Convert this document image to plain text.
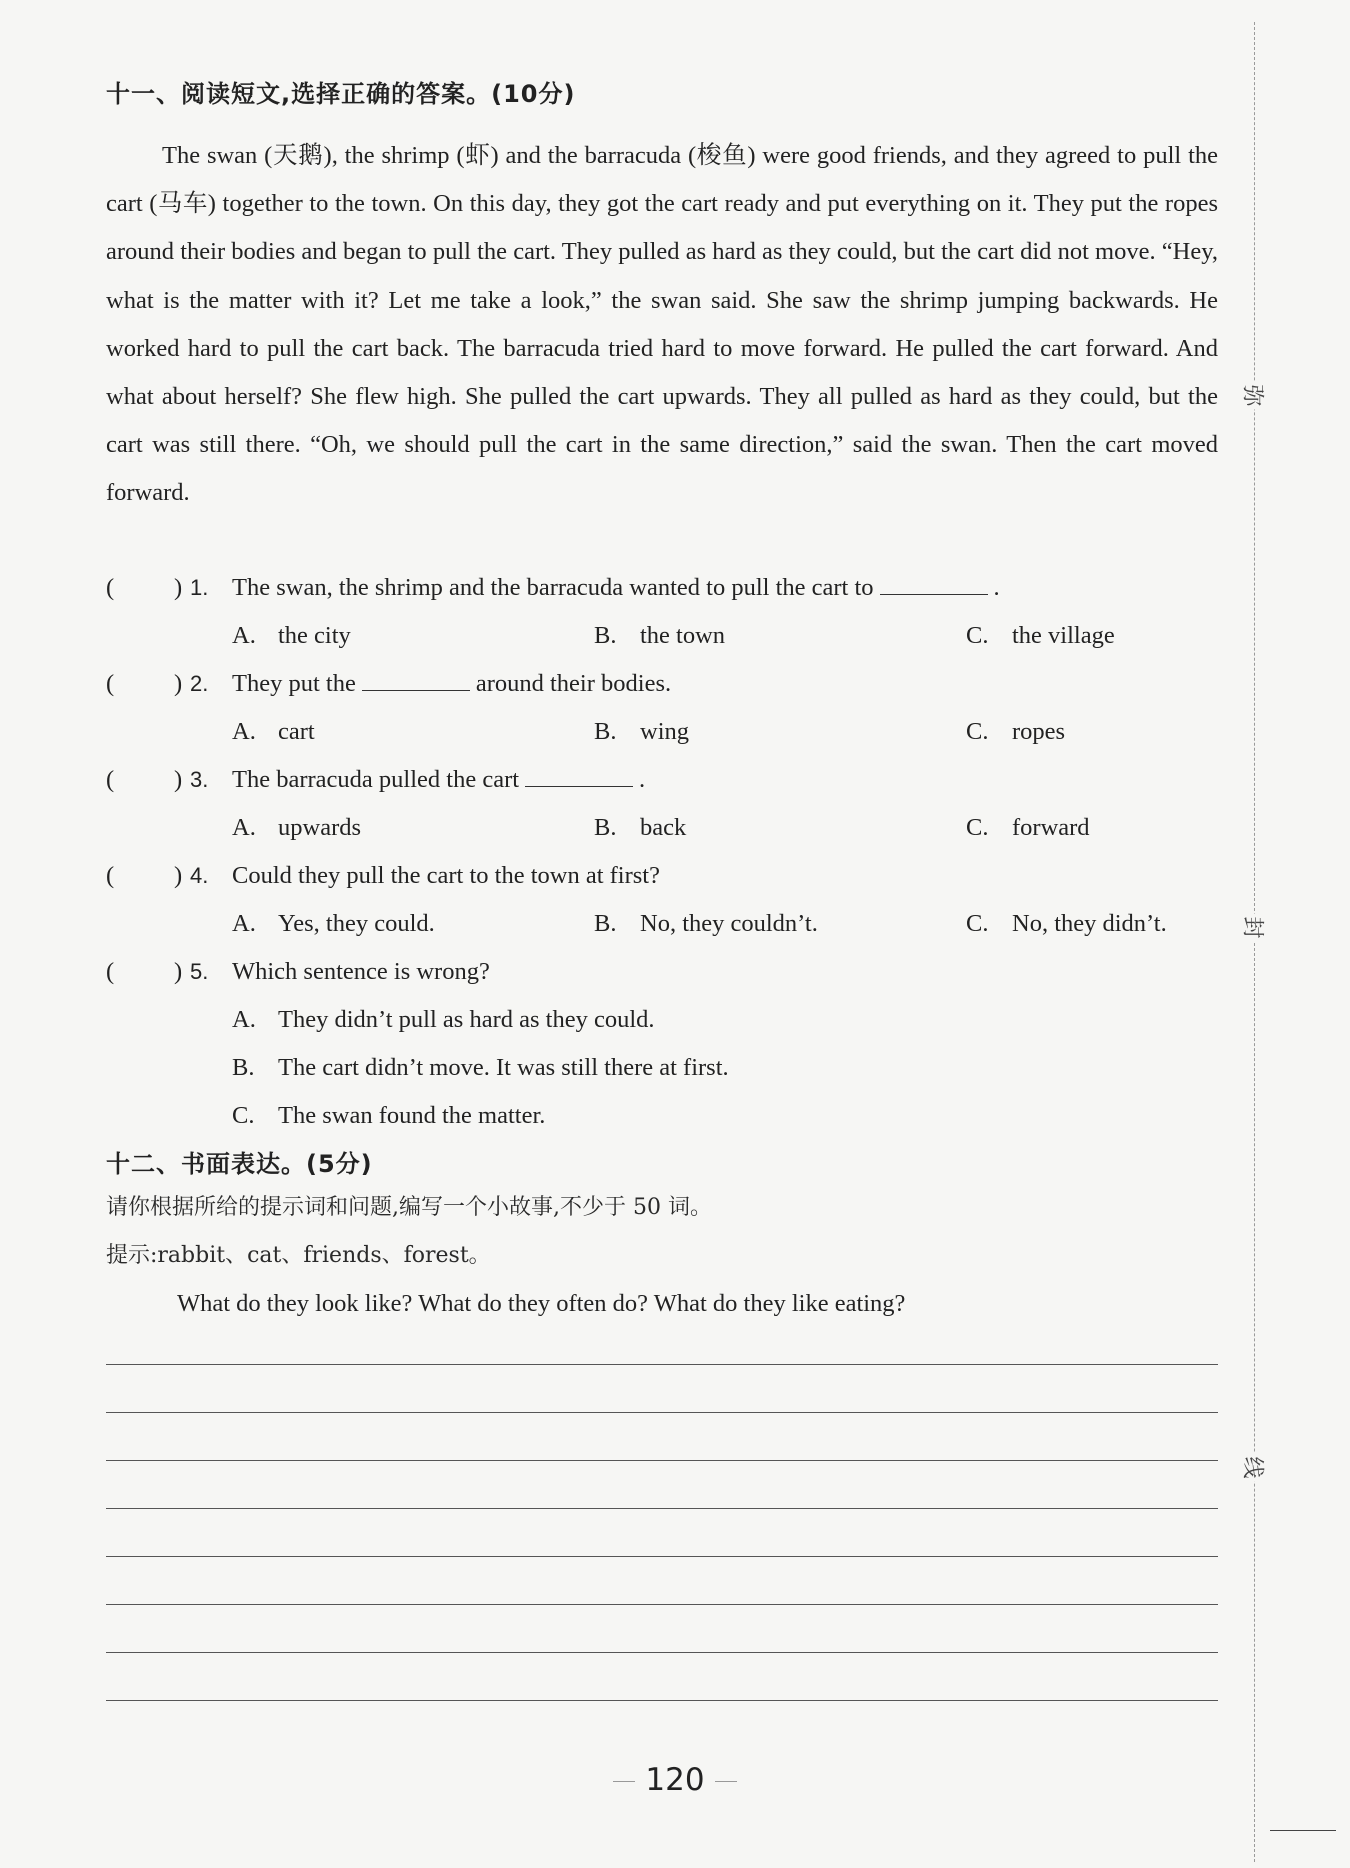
十一、阅读短文,选择正确的答案。(10分)

The swan (天鹅), the shrimp (虾) and the barracuda (梭鱼) were good friends, and they agreed to pull the cart (马车) together to the town. On this day, they got the cart ready and put everything on it. They put the ropes around their bodies and began to pull the cart. They pulled as hard as they could, but the cart did not move. “Hey, what is the matter with it? Let me take a look,” the swan said. She saw the shrimp jumping backwards. He worked hard to pull the cart back. The barracuda tried hard to move forward. He pulled the cart forward. And what about herself? She flew high. She pulled the cart upwards. They all pulled as hard as they could, but the cart was still there. “Oh, we should pull the cart in the same direction,” said the swan. Then the cart moved forward.

( ) 1. The swan, the shrimp and the barracuda wanted to pull the cart to	.
A. the city	B. the town	C. the village
( ) 2. They put the	around their bodies.
A. cart	B. wing	C. ropes
( ) 3. The barracuda pulled the cart	.
A. upwards	B. back	C. forward
( ) 4. Could they pull the cart to the town at first?
A. Yes, they could.	B. No, they couldn’t.	C. No, they didn’t.
( ) 5. Which sentence is wrong?
A. They didn’t pull as hard as they could.
B. The cart didn’t move. It was still there at first.
C. The swan found the matter.
十二、书面表达。(5分)
请你根据所给的提示词和问题,编写一个小故事,不少于 50 词。
提示:rabbit、cat、friends、forest。
What do they look like? What do they often do? What do they like eating?
120
弥
封
线
